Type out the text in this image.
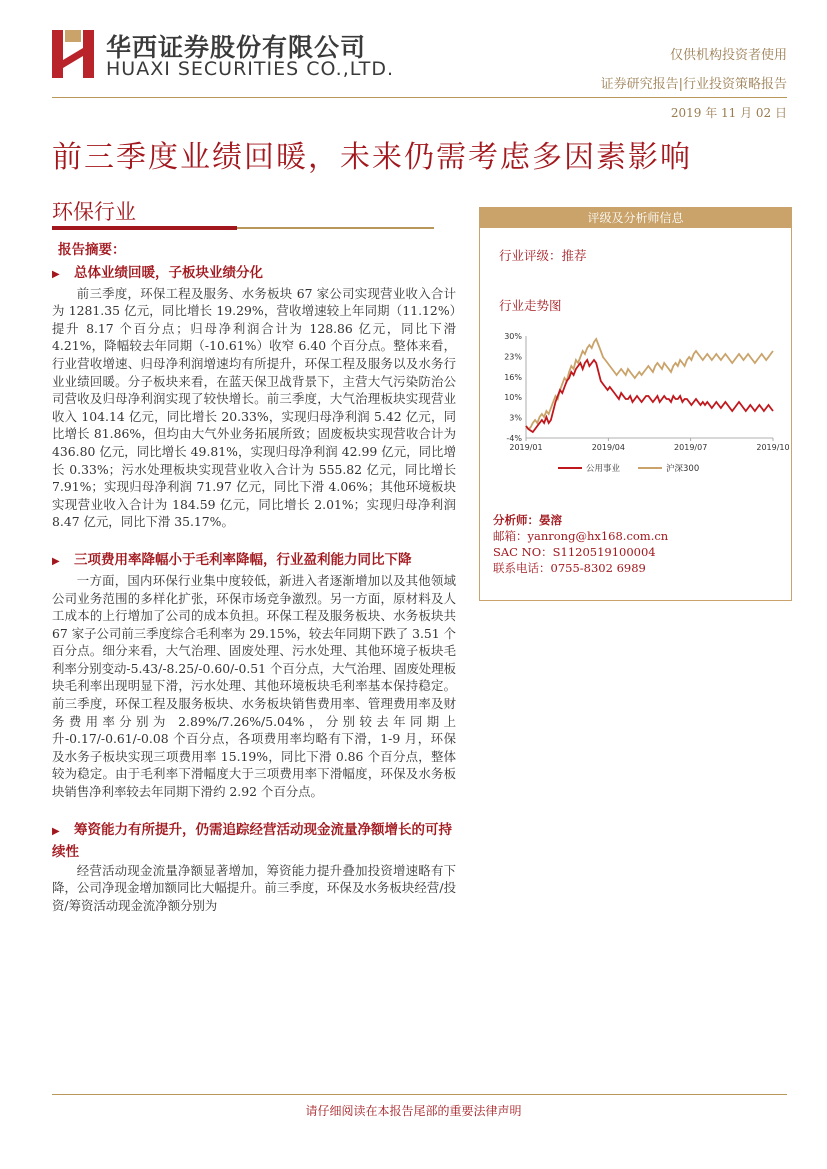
华西证券股份有限公司
HUAXI SECURITIES CO.,LTD.
仅供机构投资者使用
证券研究报告|行业投资策略报告
2019 年 11 月 02 日
前三季度业绩回暖，未来仍需考虑多因素影响
环保行业
报告摘要：
▶ 总体业绩回暖，子板块业绩分化

前三季度，环保工程及服务、水务板块 67 家公司实现营业收入合计为 1281.35 亿元，同比增长 19.29%，营收增速较上年同期（11.12%）提升 8.17 个百分点；归母净利润合计为 128.86 亿元，同比下滑 4.21%，降幅较去年同期（-10.61%）收窄 6.40 个百分点。整体来看，行业营收增速、归母净利润增速均有所提升，环保工程及服务以及水务行业业绩回暖。分子板块来看，在蓝天保卫战背景下，主营大气污染防治公司营收及归母净利润实现了较快增长。前三季度，大气治理板块实现营业收入 104.14 亿元，同比增长 20.33%，实现归母净利润 5.42 亿元，同比增长 81.86%，但均由大气外业务拓展所致；固废板块实现营收合计为 436.80 亿元，同比增长 49.81%，实现归母净利润 42.99 亿元，同比增长 0.33%；污水处理板块实现营业收入合计为 555.82 亿元，同比增长 7.91%；实现归母净利润 71.97 亿元，同比下滑 4.06%；其他环境板块实现营业收入合计为 184.59 亿元，同比增长 2.01%；实现归母净利润 8.47 亿元，同比下滑 35.17%。

▶ 三项费用率降幅小于毛利率降幅，行业盈利能力同比下降

一方面，国内环保行业集中度较低，新进入者逐渐增加以及其他领域公司业务范围的多样化扩张，环保市场竞争激烈。另一方面，原材料及人工成本的上行增加了公司的成本负担。环保工程及服务板块、水务板块共 67 家子公司前三季度综合毛利率为 29.15%，较去年同期下跌了 3.51 个百分点。细分来看，大气治理、固废处理、污水处理、其他环境子板块毛利率分别变动-5.43/-8.25/-0.60/-0.51 个百分点，大气治理、固废处理板块毛利率出现明显下滑，污水处理、其他环境板块毛利率基本保持稳定。前三季度，环保工程及服务板块、水务板块销售费用率、管理费用率及财务费用率分别为 2.89%/7.26%/5.04%，分别较去年同期上升-0.17/-0.61/-0.08 个百分点，各项费用率均略有下滑，1-9 月，环保及水务子板块实现三项费用率 15.19%，同比下滑 0.86 个百分点，整体较为稳定。由于毛利率下滑幅度大于三项费用率下滑幅度，环保及水务板块销售净利率较去年同期下滑约 2.92 个百分点。

▶ 筹资能力有所提升，仍需追踪经营活动现金流量净额增长的可持续性

经营活动现金流量净额显著增加，筹资能力提升叠加投资增速略有下降，公司净现金增加额同比大幅提升。前三季度，环保及水务板块经营/投资/筹资活动现金流净额分别为

评级及分析师信息
行业评级：推荐
行业走势图
30%
23%
16%
10%
3%
-4%
2019/01	2019/04	2019/07	2019/10
公用事业	沪深300
分析师：晏溶
邮箱：yanrong@hx168.com.cn
SAC NO：S1120519100004
联系电话：0755-8302 6989
请仔细阅读在本报告尾部的重要法律声明
